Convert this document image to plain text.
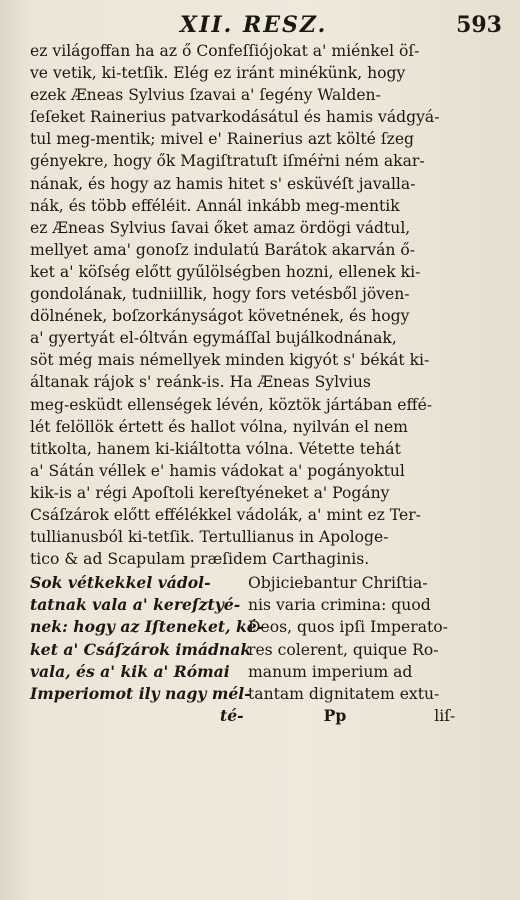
XII. RESZ.	593
ez világoffan ha az ő Confeſſiójokat a' miénkel öſ-
ve vetik, ki-tetſik. Elég ez iránt minékünk, hogy
ezek Æneas Sylvius ſzavai a' ſegény Walden-
ſeſeket Rainerius patvarkodásátul és hamis vádgyá-
tul meg-mentik; mivel e' Rainerius azt költé ſzeg
gényekre, hogy ők Magiſtratuſt iſméṙni ném akar-
nának, és hogy az hamis hitet s' esküvéſt javalla-
nák, és több efféléit. Annál inkább meg-mentik
ez Æneas Sylvius ſavai őket amaz ördögi vádtul,
mellyet ama' gonoſz indulatú Barátok akarván ő-
ket a' köſség előtt gyűlölségben hozni, ellenek ki-
gondolának, tudniillik, hogy fors vetésből jöven-
dölnének, boſzorkányságot követnének, és hogy
a' gyertyát el-óltván egymáſſal bujálkodnának,
söt még mais némellyek minden kigyót s' békát ki-
áltanak rájok s' reánk-is. Ha Æneas Sylvius
meg-esküdt ellenségek lévén, köztök jártában effé-
lét felöllök értett és hallot vólna, nyilván el nem
titkolta, hanem ki-kiáltotta vólna. Vétette tehát
a' Sátán véllek e' hamis vádokat a' pogányoktul
kik-is a' régi Apoſtoli kereſtyéneket a' Pogány
Csáſzárok előtt effélékkel vádolák, a' mint ez Ter-
tullianusból ki-tetſik. Tertullianus in Apologe-
tico & ad Scapulam præſidem Carthaginis.
Sok vétkekkel vádol-
tatnak vala a' kereſztyé-
nek: hogy az Iſteneket, ké-
ket a' Csáſzárok imádnak
vala, és a' kik a' Római
Imperiomot ily nagy mél-
Objiciebantur Chriſtia-
nis varia crimina: quod
Deos, quos ipſi Imperato-
res colerent, quique Ro-
manum imperium ad
tantam dignitatem extu-
té-	Pp	liſ-
